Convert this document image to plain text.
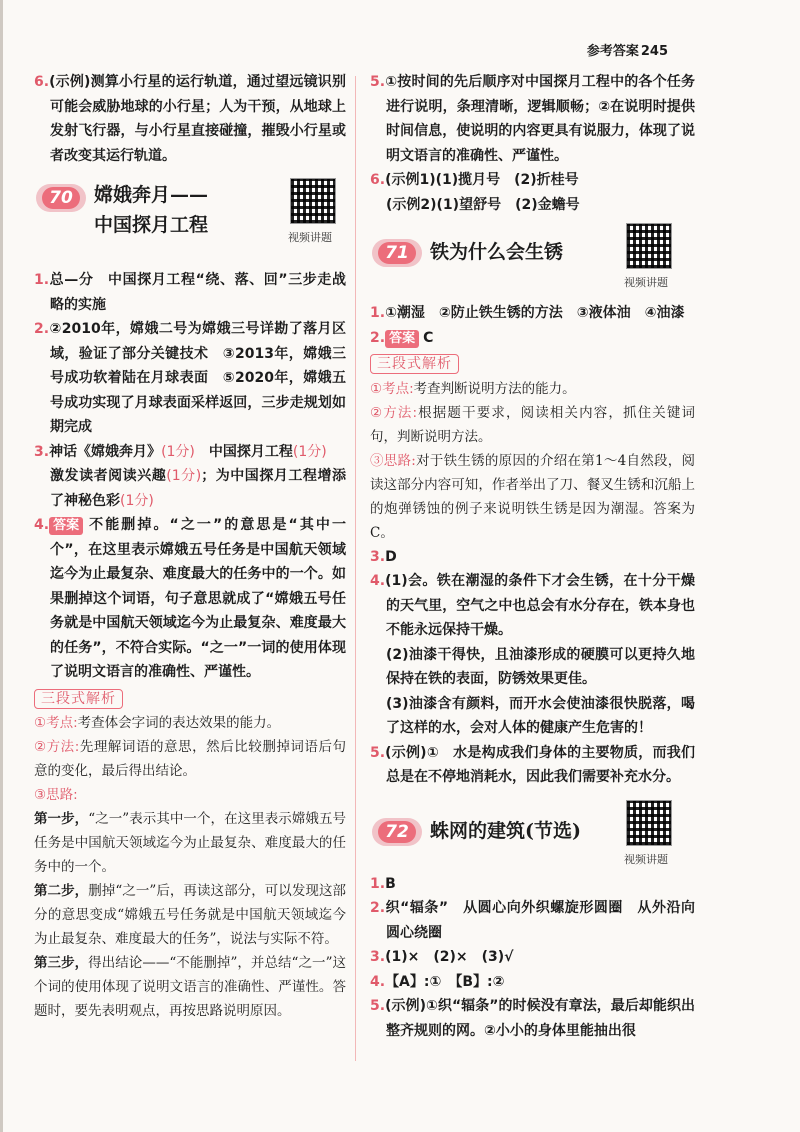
参考答案 245

6.(示例)测算小行星的运行轨道，通过望远镜识别可能会威胁地球的小行星；人为干预，从地球上发射飞行器，与小行星直接碰撞，摧毁小行星或者改变其运行轨道。

70	嫦娥奔月——
中国探月工程
视频讲题

1.总—分　中国探月工程“绕、落、回”三步走战略的实施

2.②2010年，嫦娥二号为嫦娥三号详勘了落月区域，验证了部分关键技术　③2013年，嫦娥三号成功软着陆在月球表面　⑤2020年，嫦娥五号成功实现了月球表面采样返回，三步走规划如期完成

3.神话《嫦娥奔月》(1分)　中国探月工程(1分)
激发读者阅读兴趣(1分)；为中国探月工程增添了神秘色彩(1分)

4. 答案 不能删掉。“之一”的意思是“其中一个”，在这里表示嫦娥五号任务是中国航天领域迄今为止最复杂、难度最大的任务中的一个。如果删掉这个词语，句子意思就成了“嫦娥五号任务就是中国航天领域迄今为止最复杂、难度最大的任务”，不符合实际。“之一”一词的使用体现了说明文语言的准确性、严谨性。

三段式解析

①考点:考查体会字词的表达效果的能力。

②方法:先理解词语的意思，然后比较删掉词语后句意的变化，最后得出结论。

③思路:

第一步，“之一”表示其中一个，在这里表示嫦娥五号任务是中国航天领域迄今为止最复杂、难度最大的任务中的一个。

第二步，删掉“之一”后，再读这部分，可以发现这部分的意思变成“嫦娥五号任务就是中国航天领域迄今为止最复杂、难度最大的任务”，说法与实际不符。

第三步，得出结论——“不能删掉”，并总结“之一”这个词的使用体现了说明文语言的准确性、严谨性。答题时，要先表明观点，再按思路说明原因。

5.①按时间的先后顺序对中国探月工程中的各个任务进行说明，条理清晰，逻辑顺畅；②在说明时提供时间信息，使说明的内容更具有说服力，体现了说明文语言的准确性、严谨性。

6.(示例1)(1)揽月号　(2)折桂号
(示例2)(1)望舒号　(2)金蟾号

71	铁为什么会生锈
视频讲题

1.①潮湿　②防止铁生锈的方法　③液体油　④油漆

2. 答案 C

三段式解析

①考点:考查判断说明方法的能力。

②方法:根据题干要求，阅读相关内容，抓住关键词句，判断说明方法。

③思路:对于铁生锈的原因的介绍在第1～4自然段，阅读这部分内容可知，作者举出了刀、餐叉生锈和沉船上的炮弹锈蚀的例子来说明铁生锈是因为潮湿。答案为C。

3.D

4.(1)会。铁在潮湿的条件下才会生锈，在十分干燥的天气里，空气之中也总会有水分存在，铁本身也不能永远保持干燥。
(2)油漆干得快，且油漆形成的硬膜可以更持久地保持在铁的表面，防锈效果更佳。
(3)油漆含有颜料，而开水会使油漆很快脱落，喝了这样的水，会对人体的健康产生危害的！

5.(示例)①　水是构成我们身体的主要物质，而我们总是在不停地消耗水，因此我们需要补充水分。

72	蛛网的建筑(节选)
视频讲题

1.B

2.织“辐条”　从圆心向外织螺旋形圆圈　从外沿向圆心绕圈

3.(1)×　(2)×　(3)√

4.【A】:①　【B】:②

5.(示例)①织“辐条”的时候没有章法，最后却能织出整齐规则的网。②小小的身体里能抽出很
